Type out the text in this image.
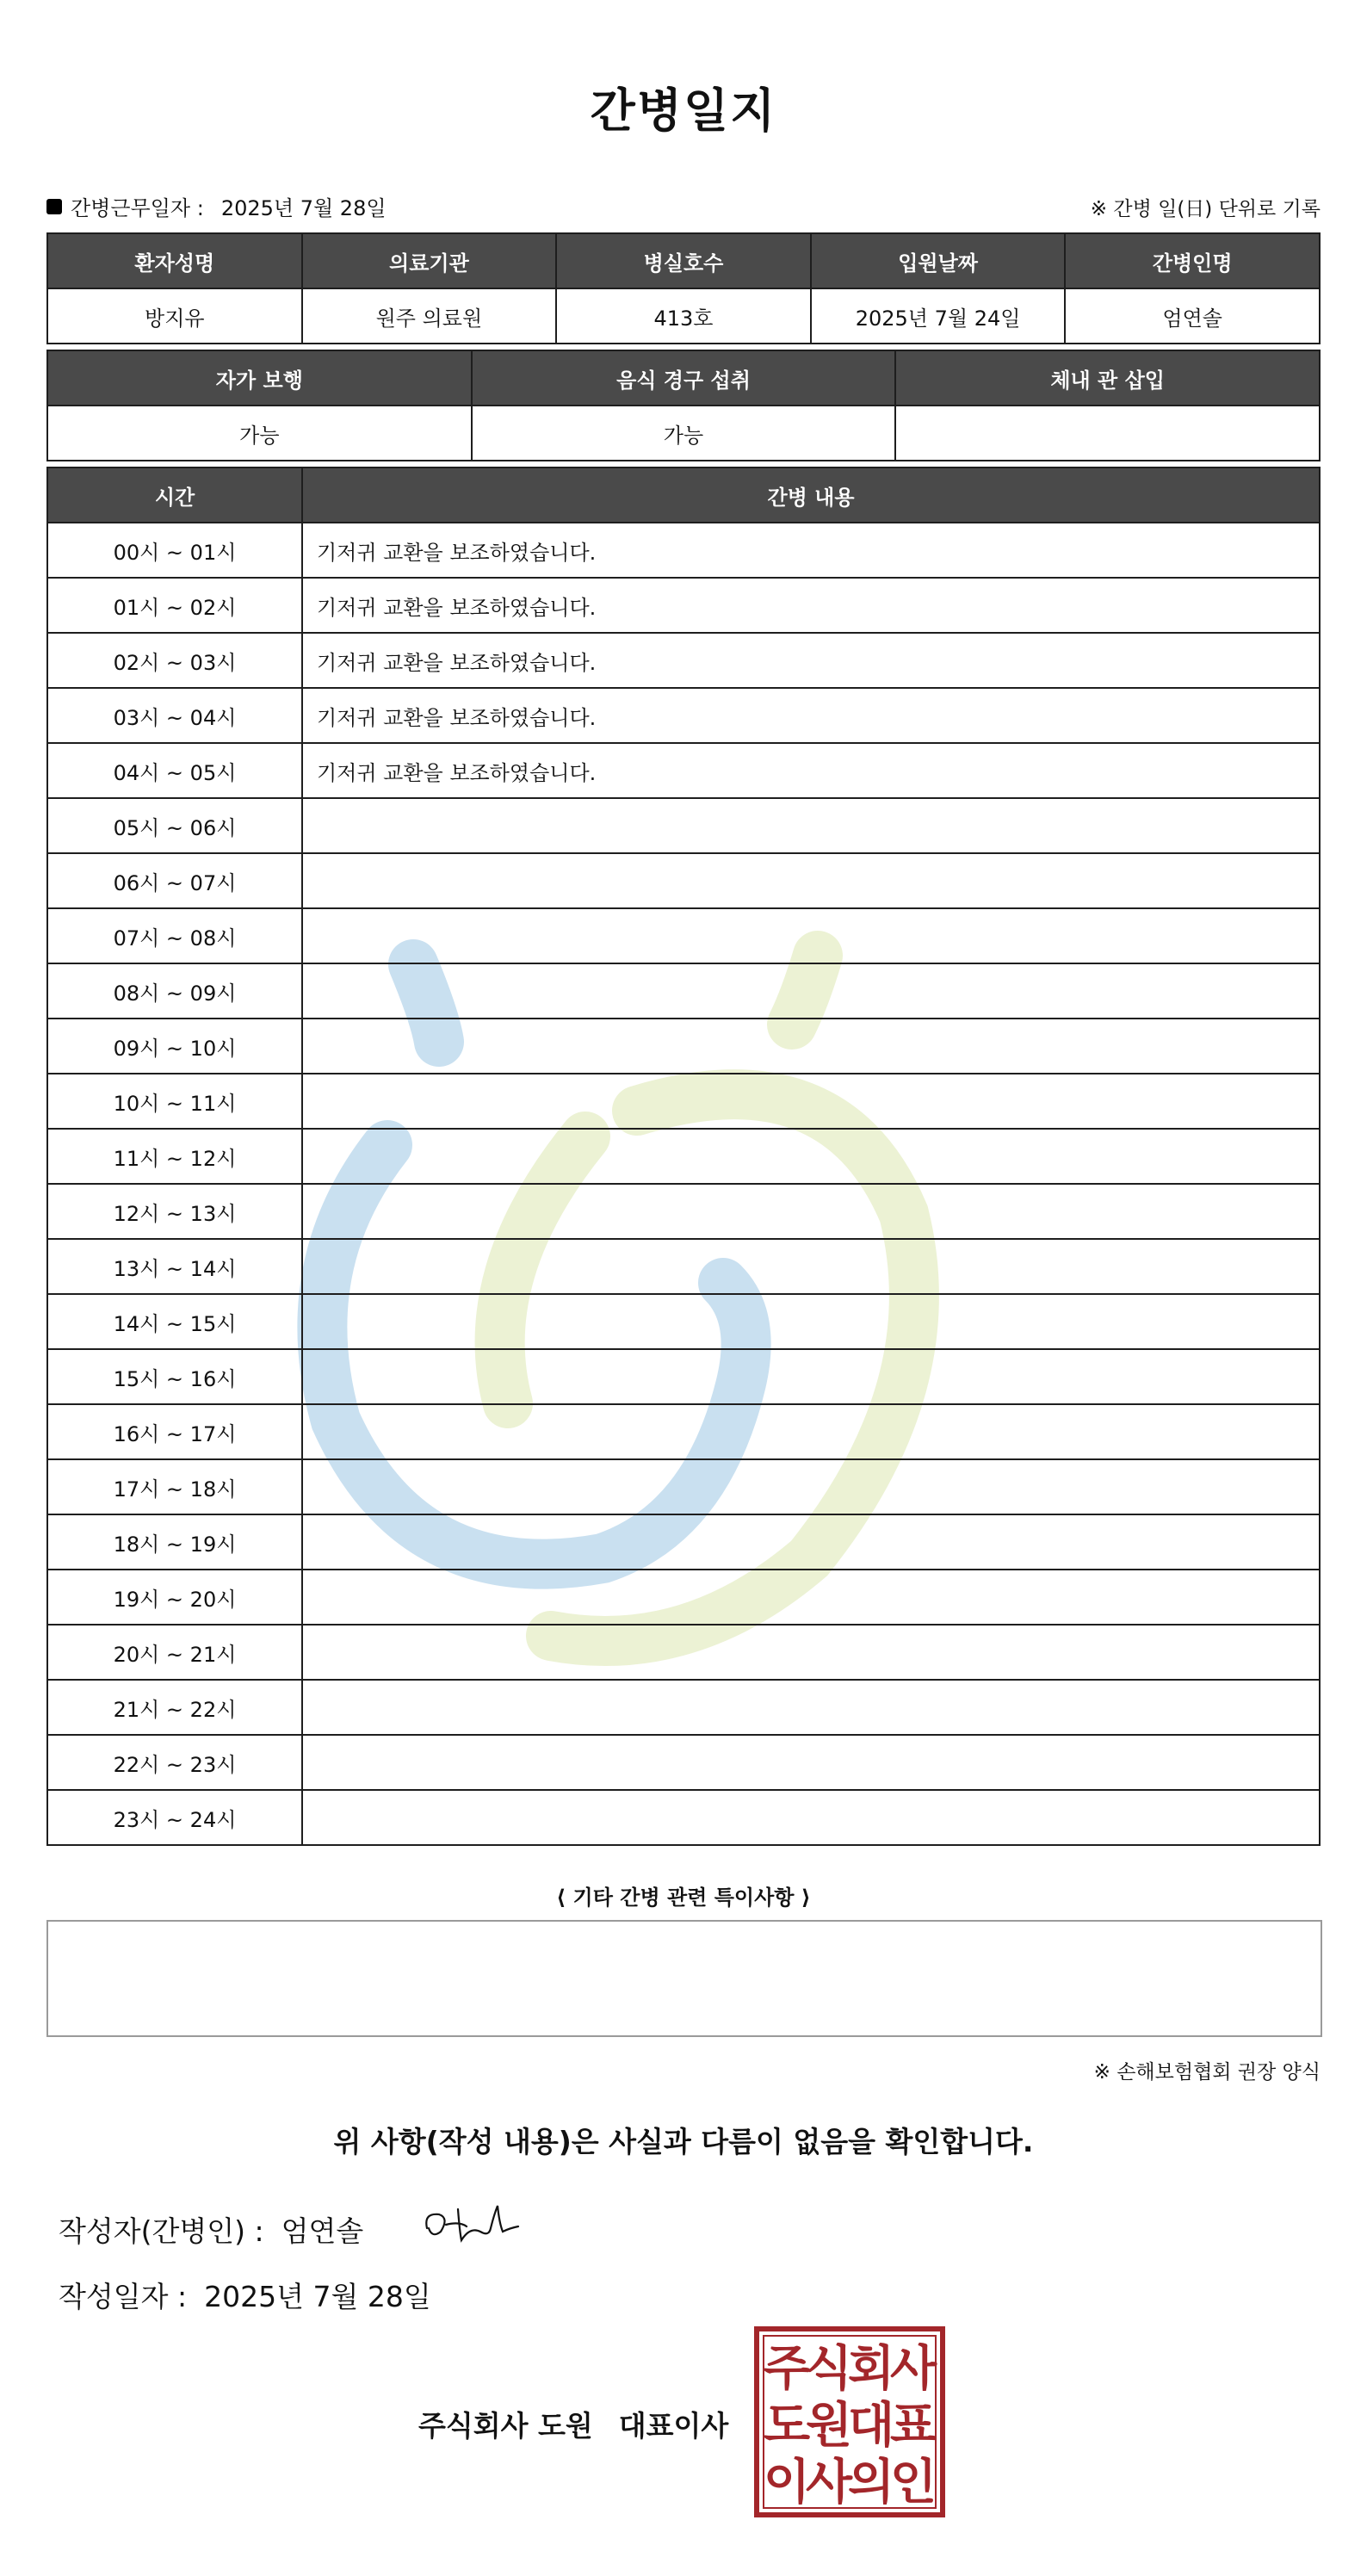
간병일지
간병근무일자 : 2025년 7월 28일	※ 간병 일(日) 단위로 기록
환자성명	의료기관	병실호수	입원날짜	간병인명
방지유	원주 의료원	413호	2025년 7월 24일	엄연솔
자가 보행	음식 경구 섭취	체내 관 삽입
가능	가능	
시간	간병 내용
00시 ~ 01시	기저귀 교환을 보조하였습니다.
01시 ~ 02시	기저귀 교환을 보조하였습니다.
02시 ~ 03시	기저귀 교환을 보조하였습니다.
03시 ~ 04시	기저귀 교환을 보조하였습니다.
04시 ~ 05시	기저귀 교환을 보조하였습니다.
05시 ~ 06시	
06시 ~ 07시	
07시 ~ 08시	
08시 ~ 09시	
09시 ~ 10시	
10시 ~ 11시	
11시 ~ 12시	
12시 ~ 13시	
13시 ~ 14시	
14시 ~ 15시	
15시 ~ 16시	
16시 ~ 17시	
17시 ~ 18시	
18시 ~ 19시	
19시 ~ 20시	
20시 ~ 21시	
21시 ~ 22시	
22시 ~ 23시	
23시 ~ 24시	
⟨ 기타 간병 관련 특이사항 ⟩
※ 손해보험협회 권장 양식
위 사항(작성 내용)은 사실과 다름이 없음을 확인합니다.
작성자(간병인) : 엄연솔
작성일자 : 2025년 7월 28일
주식회사 도원 대표이사
주
식
회
사
도
원
대
표
이
사
의
인
